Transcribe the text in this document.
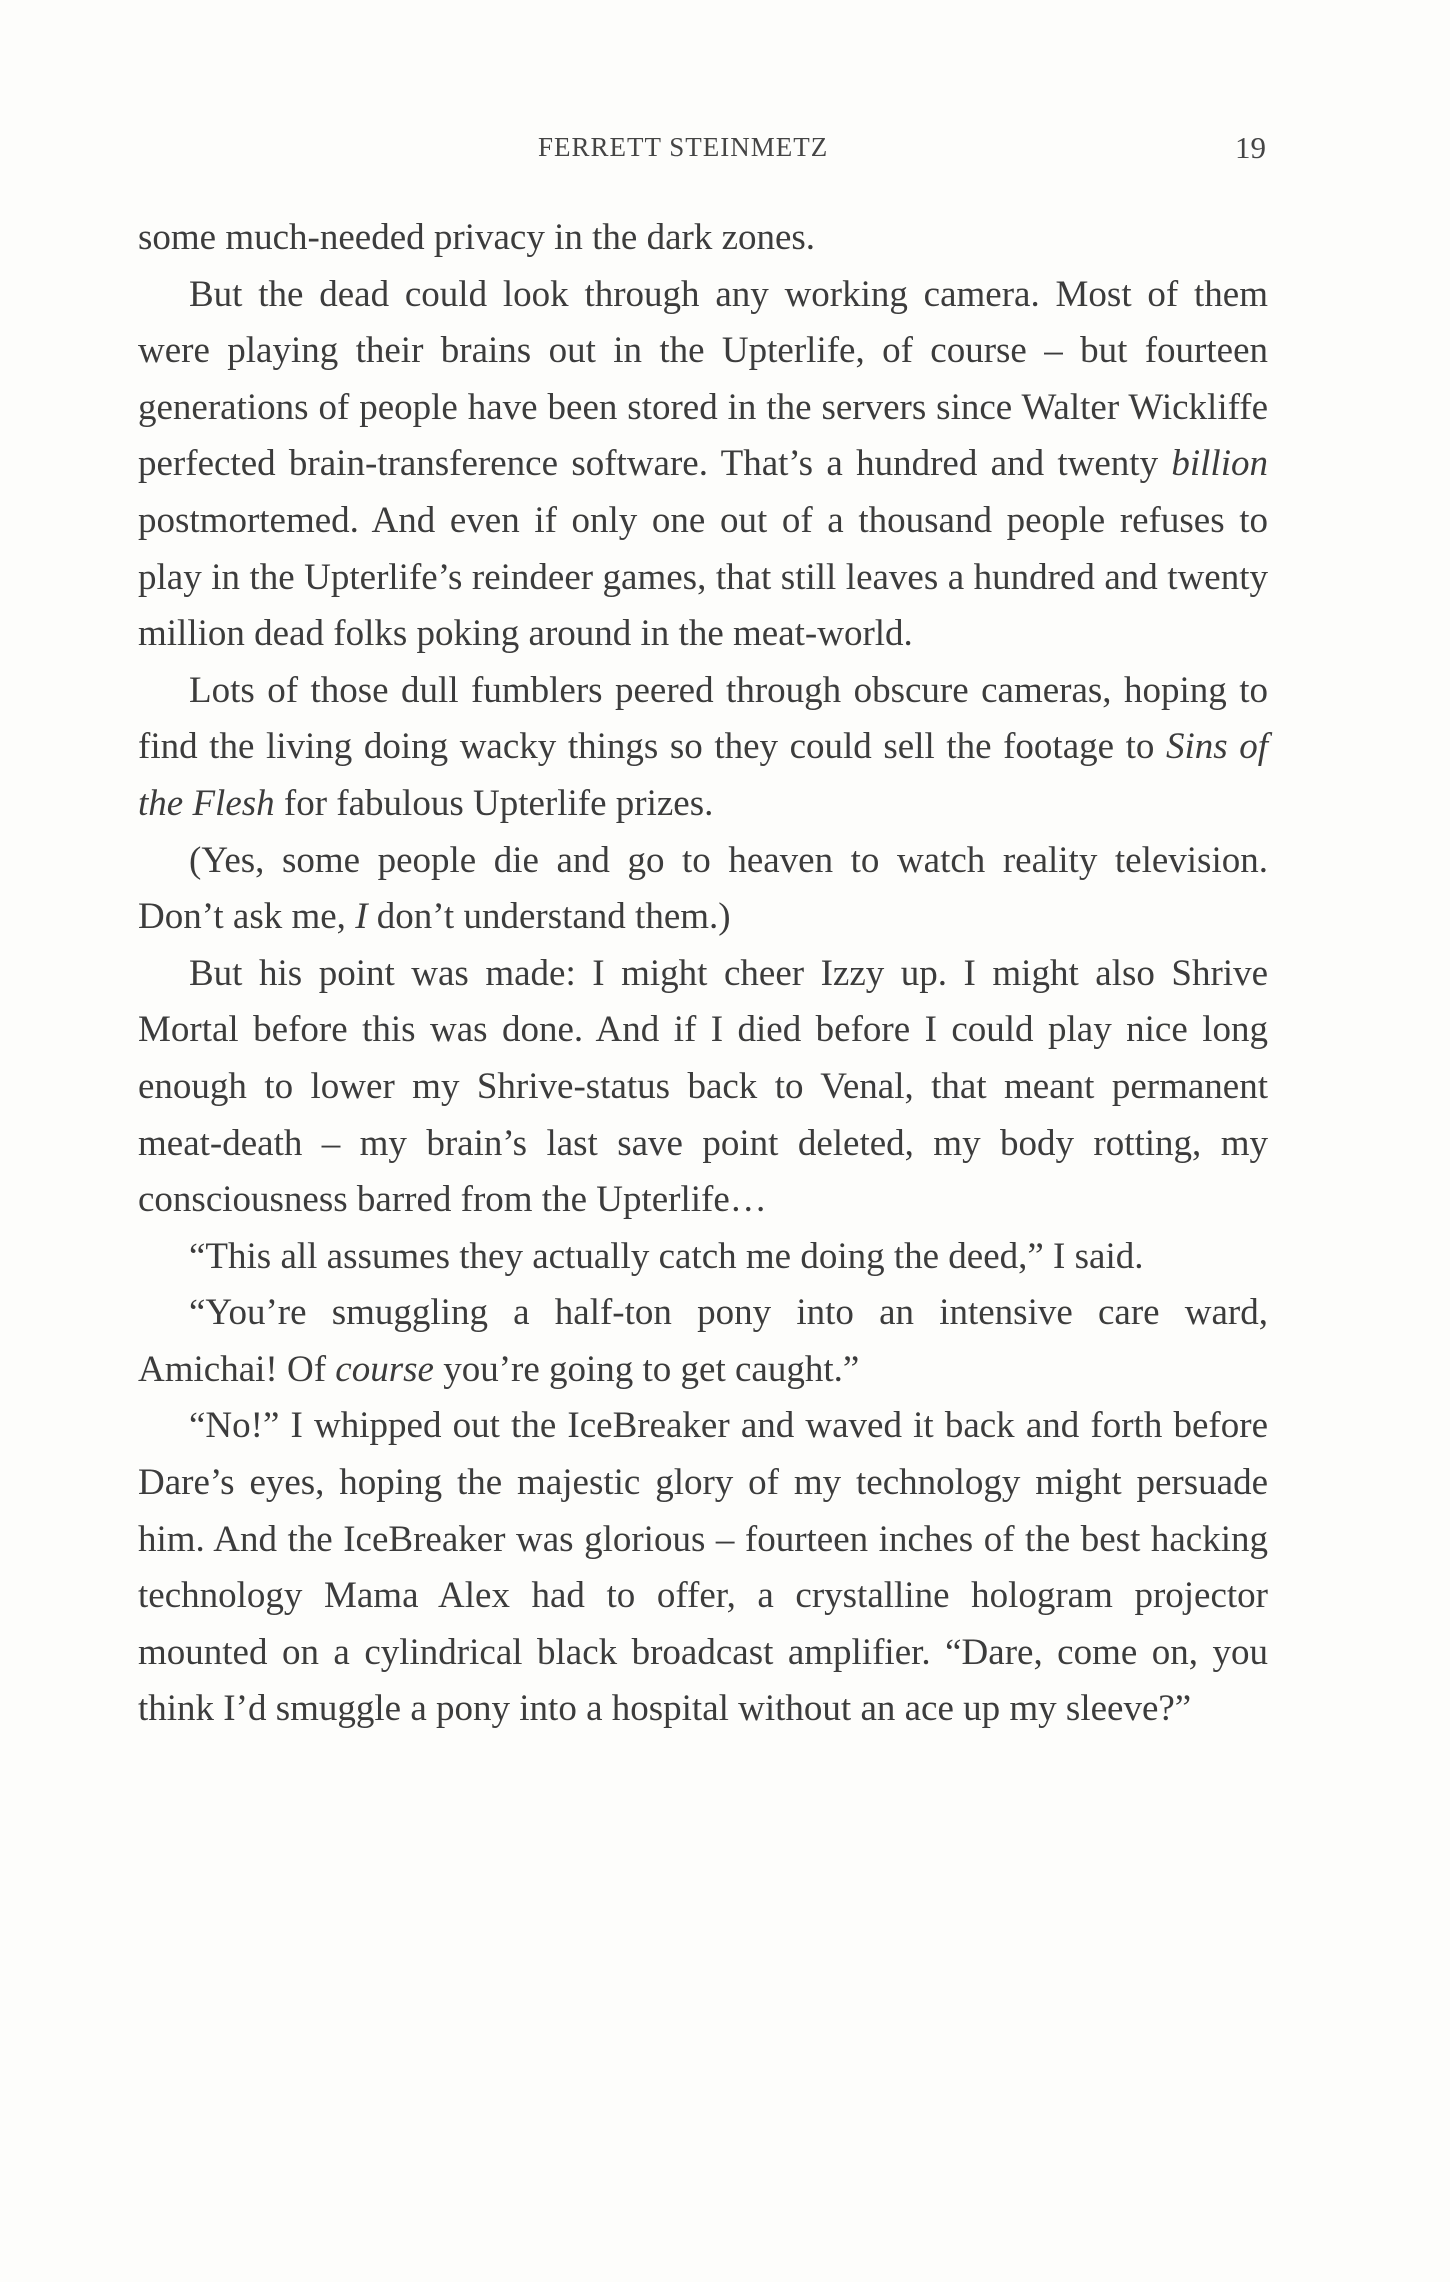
FERRETT STEINMETZ	19

some much-needed privacy in the dark zones.

But the dead could look through any working camera. Most of them were playing their brains out in the Upterlife, of course – but fourteen generations of people have been stored in the servers since Walter Wickliffe perfected brain-transference software. That’s a hundred and twenty billion postmortemed. And even if only one out of a thousand people refuses to play in the Upterlife’s reindeer games, that still leaves a hundred and twenty million dead folks poking around in the meat-world.

Lots of those dull fumblers peered through obscure cameras, hoping to find the living doing wacky things so they could sell the footage to Sins of the Flesh for fabulous Upterlife prizes.

(Yes, some people die and go to heaven to watch reality television. Don’t ask me, I don’t understand them.)

But his point was made: I might cheer Izzy up. I might also Shrive Mortal before this was done. And if I died before I could play nice long enough to lower my Shrive-status back to Venal, that meant permanent meat-death – my brain’s last save point deleted, my body rotting, my consciousness barred from the Upterlife…

“This all assumes they actually catch me doing the deed,” I said.

“You’re smuggling a half-ton pony into an intensive care ward, Amichai! Of course you’re going to get caught.”

“No!” I whipped out the IceBreaker and waved it back and forth before Dare’s eyes, hoping the majestic glory of my technology might persuade him. And the IceBreaker was glorious – fourteen inches of the best hacking technology Mama Alex had to offer, a crystalline hologram projector mounted on a cylindrical black broadcast amplifier. “Dare, come on, you think I’d smuggle a pony into a hospital without an ace up my sleeve?”
